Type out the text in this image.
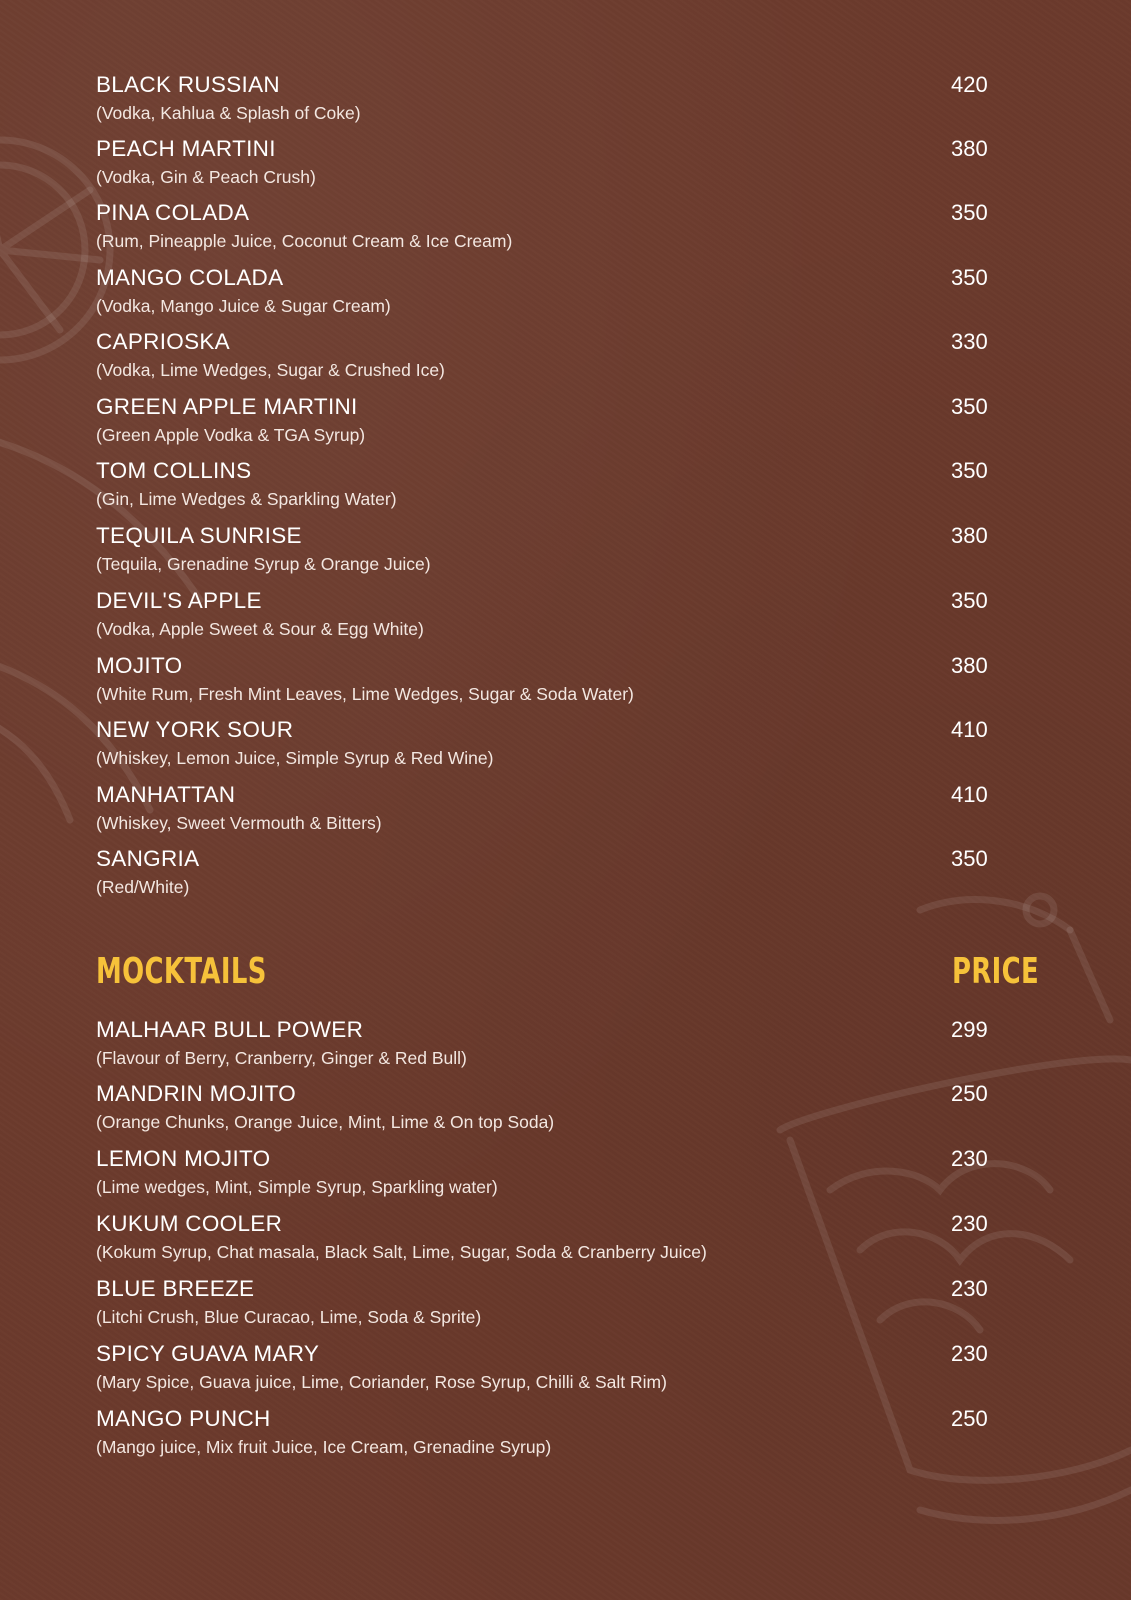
BLACK RUSSIAN
(Vodka, Kahlua & Splash of Coke)
420
PEACH MARTINI
(Vodka, Gin & Peach Crush)
380
PINA COLADA
(Rum, Pineapple Juice, Coconut Cream & Ice Cream)
350
MANGO COLADA
(Vodka, Mango Juice & Sugar Cream)
350
CAPRIOSKA
(Vodka, Lime Wedges, Sugar & Crushed Ice)
330
GREEN APPLE MARTINI
(Green Apple Vodka & TGA Syrup)
350
TOM COLLINS
(Gin, Lime Wedges & Sparkling Water)
350
TEQUILA SUNRISE
(Tequila, Grenadine Syrup & Orange Juice)
380
DEVIL'S APPLE
(Vodka, Apple Sweet & Sour & Egg White)
350
MOJITO
(White Rum, Fresh Mint Leaves, Lime Wedges, Sugar & Soda Water)
380
NEW YORK SOUR
(Whiskey, Lemon Juice, Simple Syrup & Red Wine)
410
MANHATTAN
(Whiskey, Sweet Vermouth & Bitters)
410
SANGRIA
(Red/White)
350
MOCKTAILS	PRICE
MALHAAR BULL POWER
(Flavour of Berry, Cranberry, Ginger & Red Bull)
299
MANDRIN MOJITO
(Orange Chunks, Orange Juice, Mint, Lime & On top Soda)
250
LEMON MOJITO
(Lime wedges, Mint, Simple Syrup, Sparkling water)
230
KUKUM COOLER
(Kokum Syrup, Chat masala, Black Salt, Lime, Sugar, Soda & Cranberry Juice)
230
BLUE BREEZE
(Litchi Crush, Blue Curacao, Lime, Soda & Sprite)
230
SPICY GUAVA MARY
(Mary Spice, Guava juice, Lime, Coriander, Rose Syrup, Chilli & Salt Rim)
230
MANGO PUNCH
(Mango juice, Mix fruit Juice, Ice Cream, Grenadine Syrup)
250
